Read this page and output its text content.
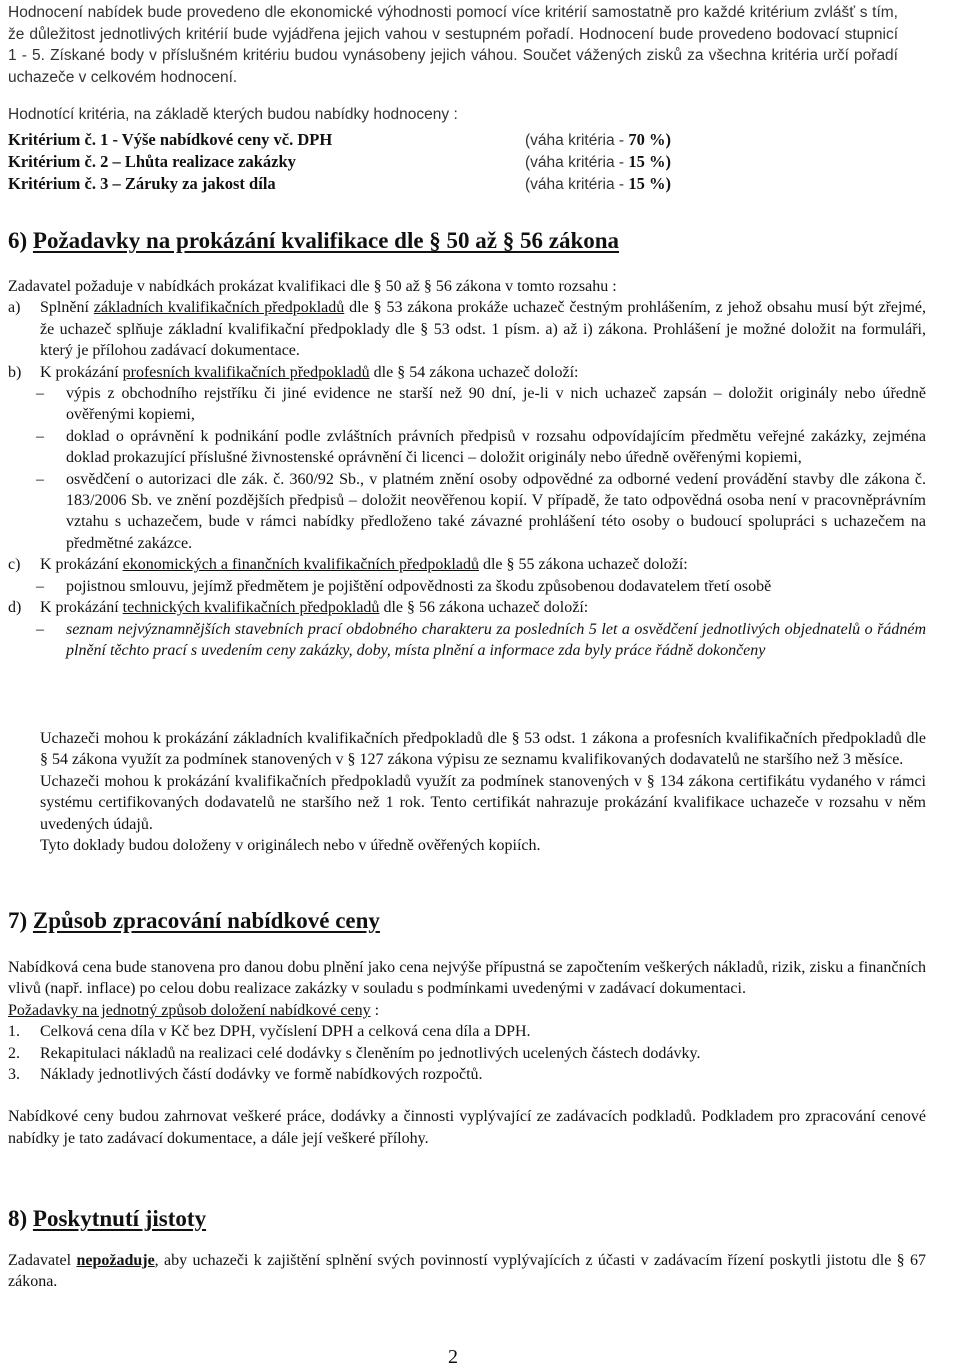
Hodnocení nabídek bude provedeno dle ekonomické výhodnosti pomocí více kritérií samostatně pro každé kritérium zvlášť s tím, že důležitost jednotlivých kritérií bude vyjádřena jejich vahou v sestupném pořadí. Hodnocení bude provedeno bodovací stupnicí 1 - 5. Získané body v příslušném kritériu budou vynásobeny jejich váhou. Součet vážených zisků za všechna kritéria určí pořadí uchazeče v celkovém hodnocení.

Hodnotící kritéria, na základě kterých budou nabídky hodnoceny :
Kritérium č. 1 - Výše nabídkové ceny vč. DPH	(váha kritéria - 70 %)
Kritérium č. 2 – Lhůta realizace zakázky	(váha kritéria - 15 %)
Kritérium č. 3 – Záruky za jakost díla	(váha kritéria - 15 %)
6) Požadavky na prokázání kvalifikace dle § 50 až § 56 zákona

Zadavatel požaduje v nabídkách prokázat kvalifikaci dle § 50 až § 56 zákona v tomto rozsahu :

a) Splnění základních kvalifikačních předpokladů dle § 53 zákona prokáže uchazeč čestným prohlášením, z jehož obsahu musí být zřejmé, že uchazeč splňuje základní kvalifikační předpoklady dle § 53 odst. 1 písm. a) až i) zákona. Prohlášení je možné doložit na formuláři, který je přílohou zadávací dokumentace.
b) K prokázání profesních kvalifikačních předpokladů dle § 54 zákona uchazeč doloží:
– výpis z obchodního rejstříku či jiné evidence ne starší než 90 dní, je-li v nich uchazeč zapsán – doložit originály nebo úředně ověřenými kopiemi,
– doklad o oprávnění k podnikání podle zvláštních právních předpisů v rozsahu odpovídajícím předmětu veřejné zakázky, zejména doklad prokazující příslušné živnostenské oprávnění či licenci – doložit originály nebo úředně ověřenými kopiemi,
– osvědčení o autorizaci dle zák. č. 360/92 Sb., v platném znění osoby odpovědné za odborné vedení provádění stavby dle zákona č. 183/2006 Sb. ve znění pozdějších předpisů – doložit neověřenou kopií. V případě, že tato odpovědná osoba není v pracovněprávním vztahu s uchazečem, bude v rámci nabídky předloženo také závazné prohlášení této osoby o budoucí spolupráci s uchazečem na předmětné zakázce.
c) K prokázání ekonomických a finančních kvalifikačních předpokladů dle § 55 zákona uchazeč doloží:
– pojistnou smlouvu, jejímž předmětem je pojištění odpovědnosti za škodu způsobenou dodavatelem třetí osobě
d) K prokázání technických kvalifikačních předpokladů dle § 56 zákona uchazeč doloží:
– seznam nejvýznamnějších stavebních prací obdobného charakteru za posledních 5 let a osvědčení jednotlivých objednatelů o řádném plnění těchto prací s uvedením ceny zakázky, doby, místa plnění a informace zda byly práce řádně dokončeny

Uchazeči mohou k prokázání základních kvalifikačních předpokladů dle § 53 odst. 1 zákona a profesních kvalifikačních předpokladů dle § 54 zákona využít za podmínek stanovených v § 127 zákona výpisu ze seznamu kvalifikovaných dodavatelů ne staršího než 3 měsíce.

Uchazeči mohou k prokázání kvalifikačních předpokladů využít za podmínek stanovených v § 134 zákona certifikátu vydaného v rámci systému certifikovaných dodavatelů ne staršího než 1 rok. Tento certifikát nahrazuje prokázání kvalifikace uchazeče v rozsahu v něm uvedených údajů.

Tyto doklady budou doloženy v originálech nebo v úředně ověřených kopiích.

7) Způsob zpracování nabídkové ceny

Nabídková cena bude stanovena pro danou dobu plnění jako cena nejvýše přípustná se započtením veškerých nákladů, rizik, zisku a finančních vlivů (např. inflace) po celou dobu realizace zakázky v souladu s podmínkami uvedenými v zadávací dokumentaci.

Požadavky na jednotný způsob doložení nabídkové ceny :

1. Celková cena díla v Kč bez DPH, vyčíslení DPH a celková cena díla a DPH.
2. Rekapitulaci nákladů na realizaci celé dodávky s členěním po jednotlivých ucelených částech dodávky.
3. Náklady jednotlivých částí dodávky ve formě nabídkových rozpočtů.

Nabídkové ceny budou zahrnovat veškeré práce, dodávky a činnosti vyplývající ze zadávacích podkladů. Podkladem pro zpracování cenové nabídky je tato zadávací dokumentace, a dále její veškeré přílohy.

8) Poskytnutí jistoty

Zadavatel nepožaduje, aby uchazeči k zajištění splnění svých povinností vyplývajících z účasti v zadávacím řízení poskytli jistotu dle § 67 zákona.

2
